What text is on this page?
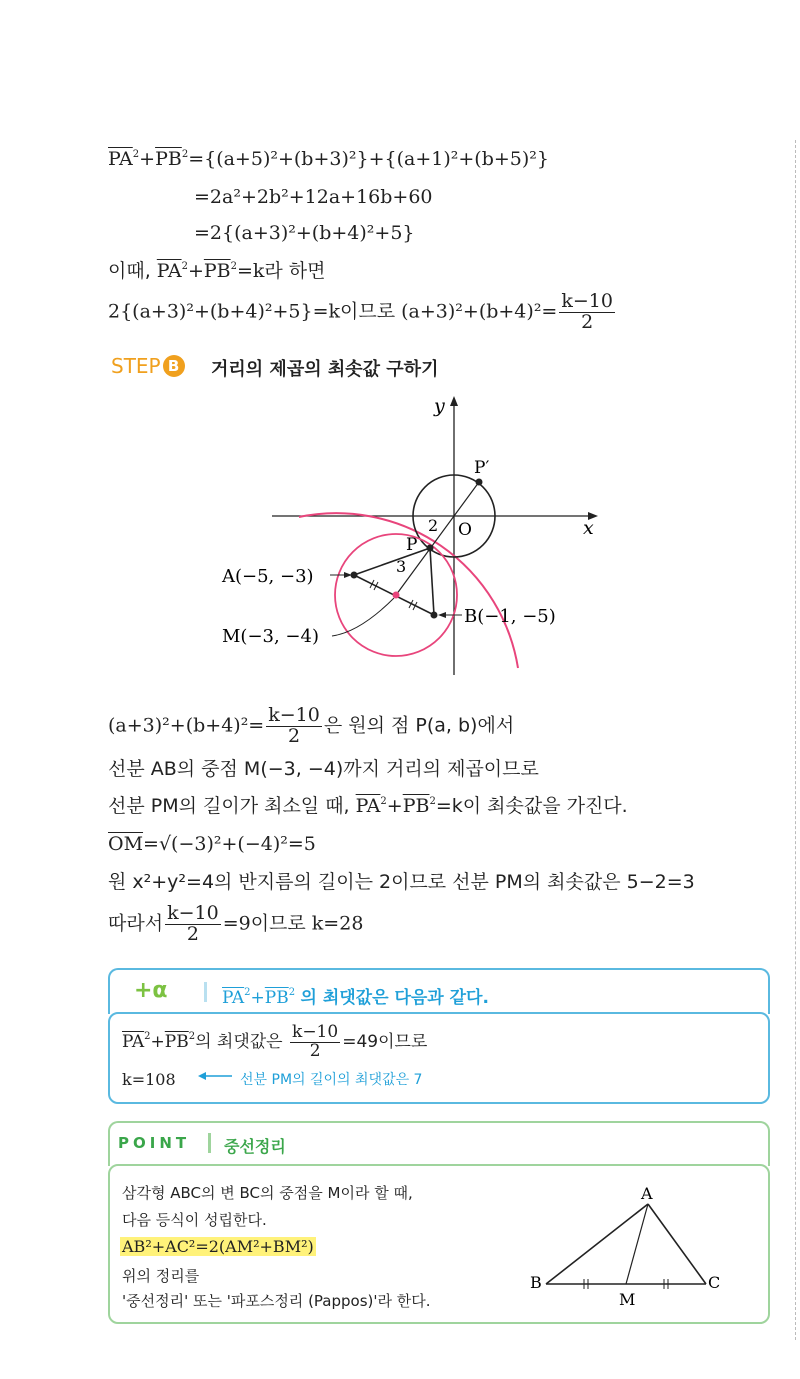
$\overline{PA}^2+\overline{PB}^2=\{(a+5)^2+(b+3)^2\}+\{(a+1)^2+(b+5)^2\}$
=2a²+2b²+12a+16b+60
=2{(a+3)²+(b+4)²+5}
이때, $\overline{PA}^2+\overline{PB}^2=k$라 하면
2{(a+3)²+(b+4)²+5}=k이므로 $(a+3)^2+(b+4)^2= \frac{k-10}{2}$
STEP B 거리의 제곱의 최솟값 구하기
y
x
O
P′
P
2
3
A(−5, −3)
B(−1, −5)
M(−3, −4)
$(a+3)^2+(b+4)^2= \frac{k-10}{2}$ 은 원의 점 P(a, b)에서
선분 AB의 중점 M(−3, −4)까지 거리의 제곱이므로
선분 PM의 길이가 최소일 때, $\overline{PA}^2+\overline{PB}^2=k$이 최솟값을 가진다.
$\overline{OM}=√(-3)^2+(-4)^2=5$
원 x²+y²=4의 반지름의 길이는 2이므로 선분 PM의 최솟값은 5−2=3
따라서 $\frac{k-10}{2} =9$이므로 k=28
+α	$\overline{PA}^2+\overline{PB}^2$ 의 최댓값은 다음과 같다.
$\overline{PA}^2+\overline{PB}^2$의 최댓값은 $\frac{k-10}{2} =49$이므로
k=108	선분 PM의 길이의 최댓값은 7
POINT 중선정리
삼각형 ABC의 변 BC의 중점을 M이라 할 때,
다음 등식이 성립한다.
AB²+AC²=2(AM²+BM²)
위의 정리를
'중선정리' 또는 '파포스정리 (Pappos)'라 한다.
A
B	C
M
